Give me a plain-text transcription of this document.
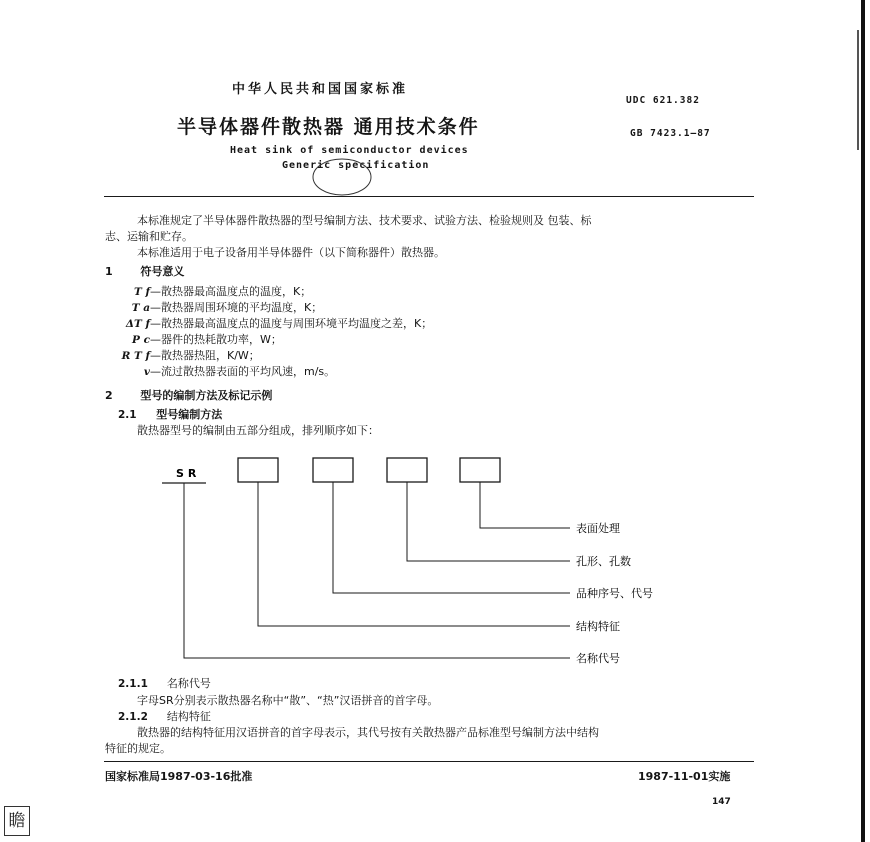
中华人民共和国国家标准
UDC 621.382
半导体器件散热器 通用技术条件	GB 7423.1—87
Heat sink of semiconductor devices
Generic specification
本标准规定了半导体器件散热器的型号编制方法、技术要求、试验方法、检验规则及 包装、标
志、运输和贮存。
本标准适用于电子设备用半导体器件（以下简称器件）散热器。
1	符号意义
T f—散热器最高温度点的温度，K；
T a—散热器周围环境的平均温度，K；
ΔT f—散热器最高温度点的温度与周围环境平均温度之差，K；
P c—器件的热耗散功率，W；
R T f—散热器热阻，K/W；
v—流过散热器表面的平均风速，m/s。
2	型号的编制方法及标记示例
2.1 型号编制方法
散热器型号的编制由五部分组成，排列顺序如下：
SR
表面处理
孔形、孔数
品种序号、代号
结构特征
名称代号
2.1.1 名称代号
字母SR分别表示散热器名称中“散”、“热”汉语拼音的首字母。
2.1.2 结构特征
散热器的结构特征用汉语拼音的首字母表示，其代号按有关散热器产品标准型号编制方法中结构
特征的规定。
国家标准局1987-03-16批准	1987-11-01实施
147
瞻
